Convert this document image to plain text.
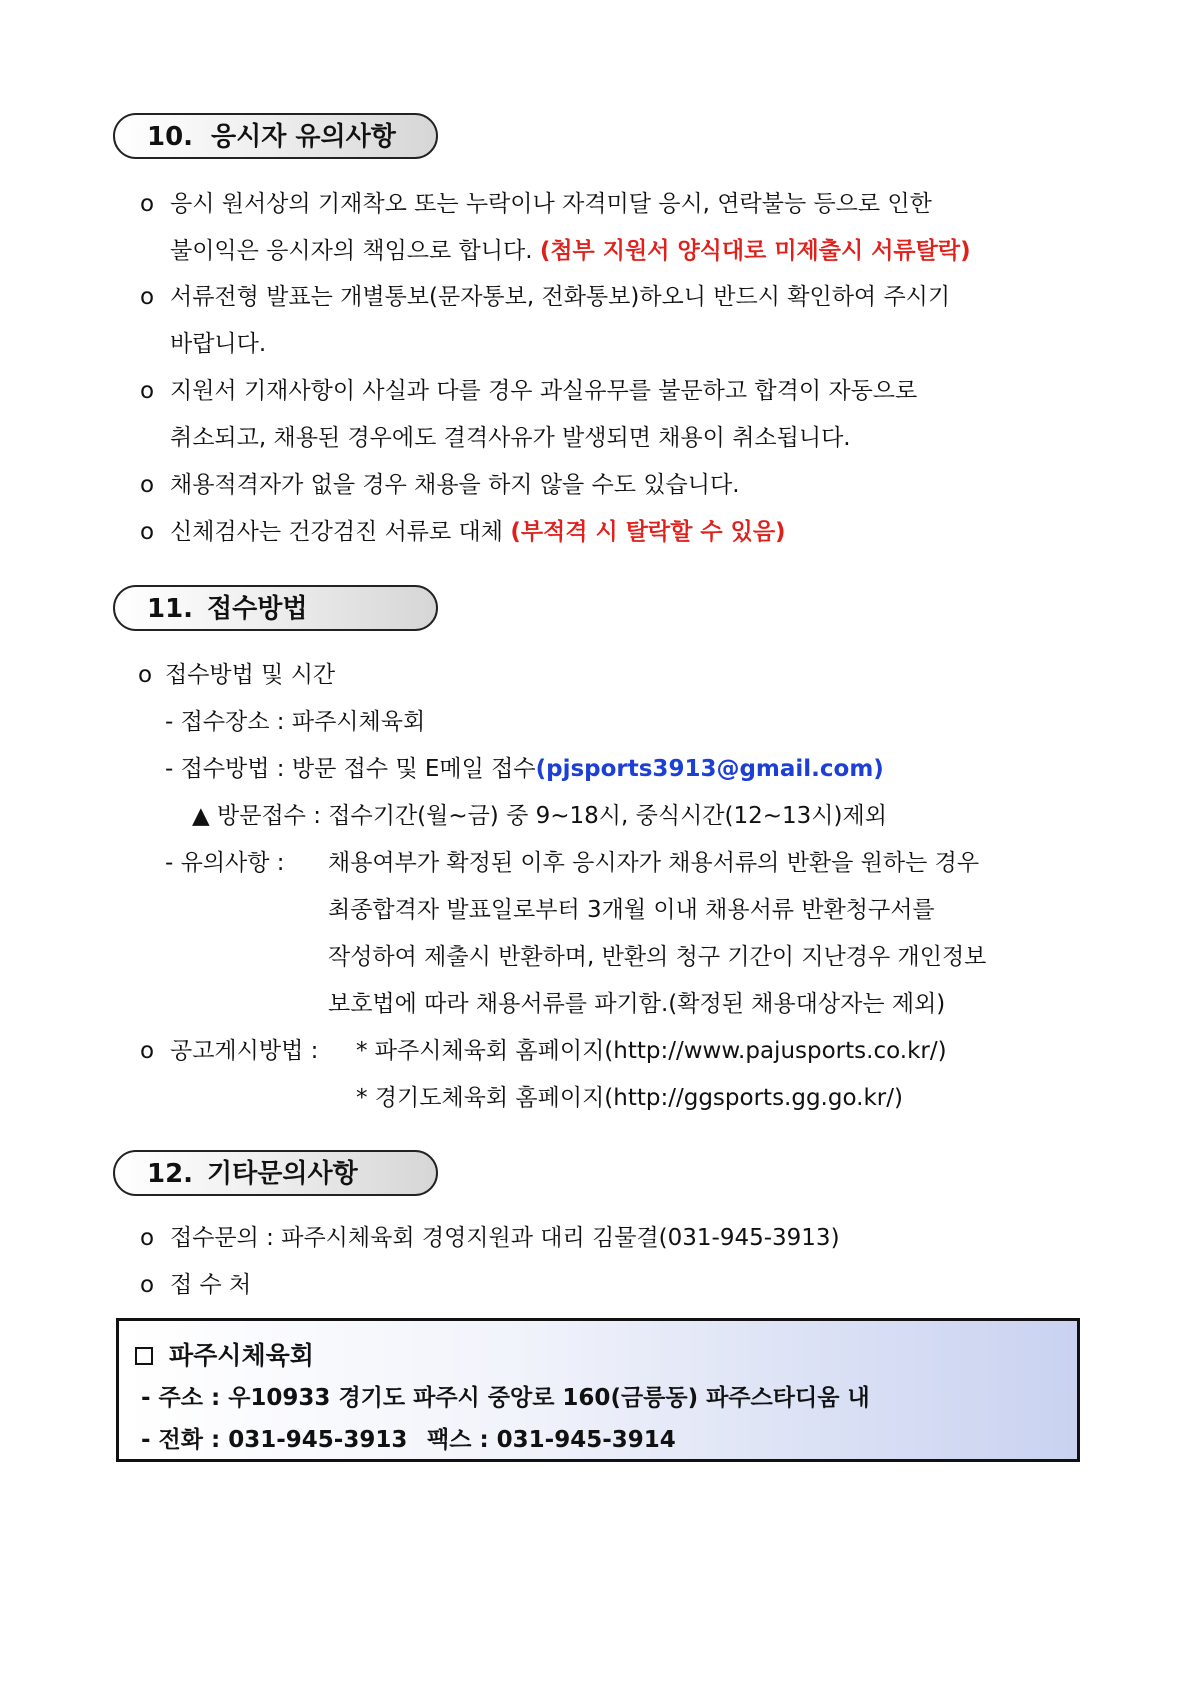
10. 응시자 유의사항
o 응시 원서상의 기재착오 또는 누락이나 자격미달 응시, 연락불능 등으로 인한
불이익은 응시자의 책임으로 합니다. (첨부 지원서 양식대로 미제출시 서류탈락)
o 서류전형 발표는 개별통보(문자통보, 전화통보)하오니 반드시 확인하여 주시기
바랍니다.
o 지원서 기재사항이 사실과 다를 경우 과실유무를 불문하고 합격이 자동으로
취소되고, 채용된 경우에도 결격사유가 발생되면 채용이 취소됩니다.
o 채용적격자가 없을 경우 채용을 하지 않을 수도 있습니다.
o 신체검사는 건강검진 서류로 대체 (부적격 시 탈락할 수 있음)
11. 접수방법
o 접수방법 및 시간
- 접수장소 : 파주시체육회
- 접수방법 : 방문 접수 및 E메일 접수(pjsports3913@gmail.com)
▲ 방문접수 : 접수기간(월~금) 중 9~18시, 중식시간(12~13시)제외
- 유의사항 : 채용여부가 확정된 이후 응시자가 채용서류의 반환을 원하는 경우
최종합격자 발표일로부터 3개월 이내 채용서류 반환청구서를
작성하여 제출시 반환하며, 반환의 청구 기간이 지난경우 개인정보
보호법에 따라 채용서류를 파기함.(확정된 채용대상자는 제외)
o 공고게시방법 : * 파주시체육회 홈페이지(http://www.pajusports.co.kr/)
* 경기도체육회 홈페이지(http://ggsports.gg.go.kr/)
12. 기타문의사항
o 접수문의 : 파주시체육회 경영지원과 대리 김물결(031-945-3913)
o 접 수 처
파주시체육회
- 주소 : 우10933 경기도 파주시 중앙로 160(금릉동) 파주스타디움 내
- 전화 : 031-945-3913 팩스 : 031-945-3914
